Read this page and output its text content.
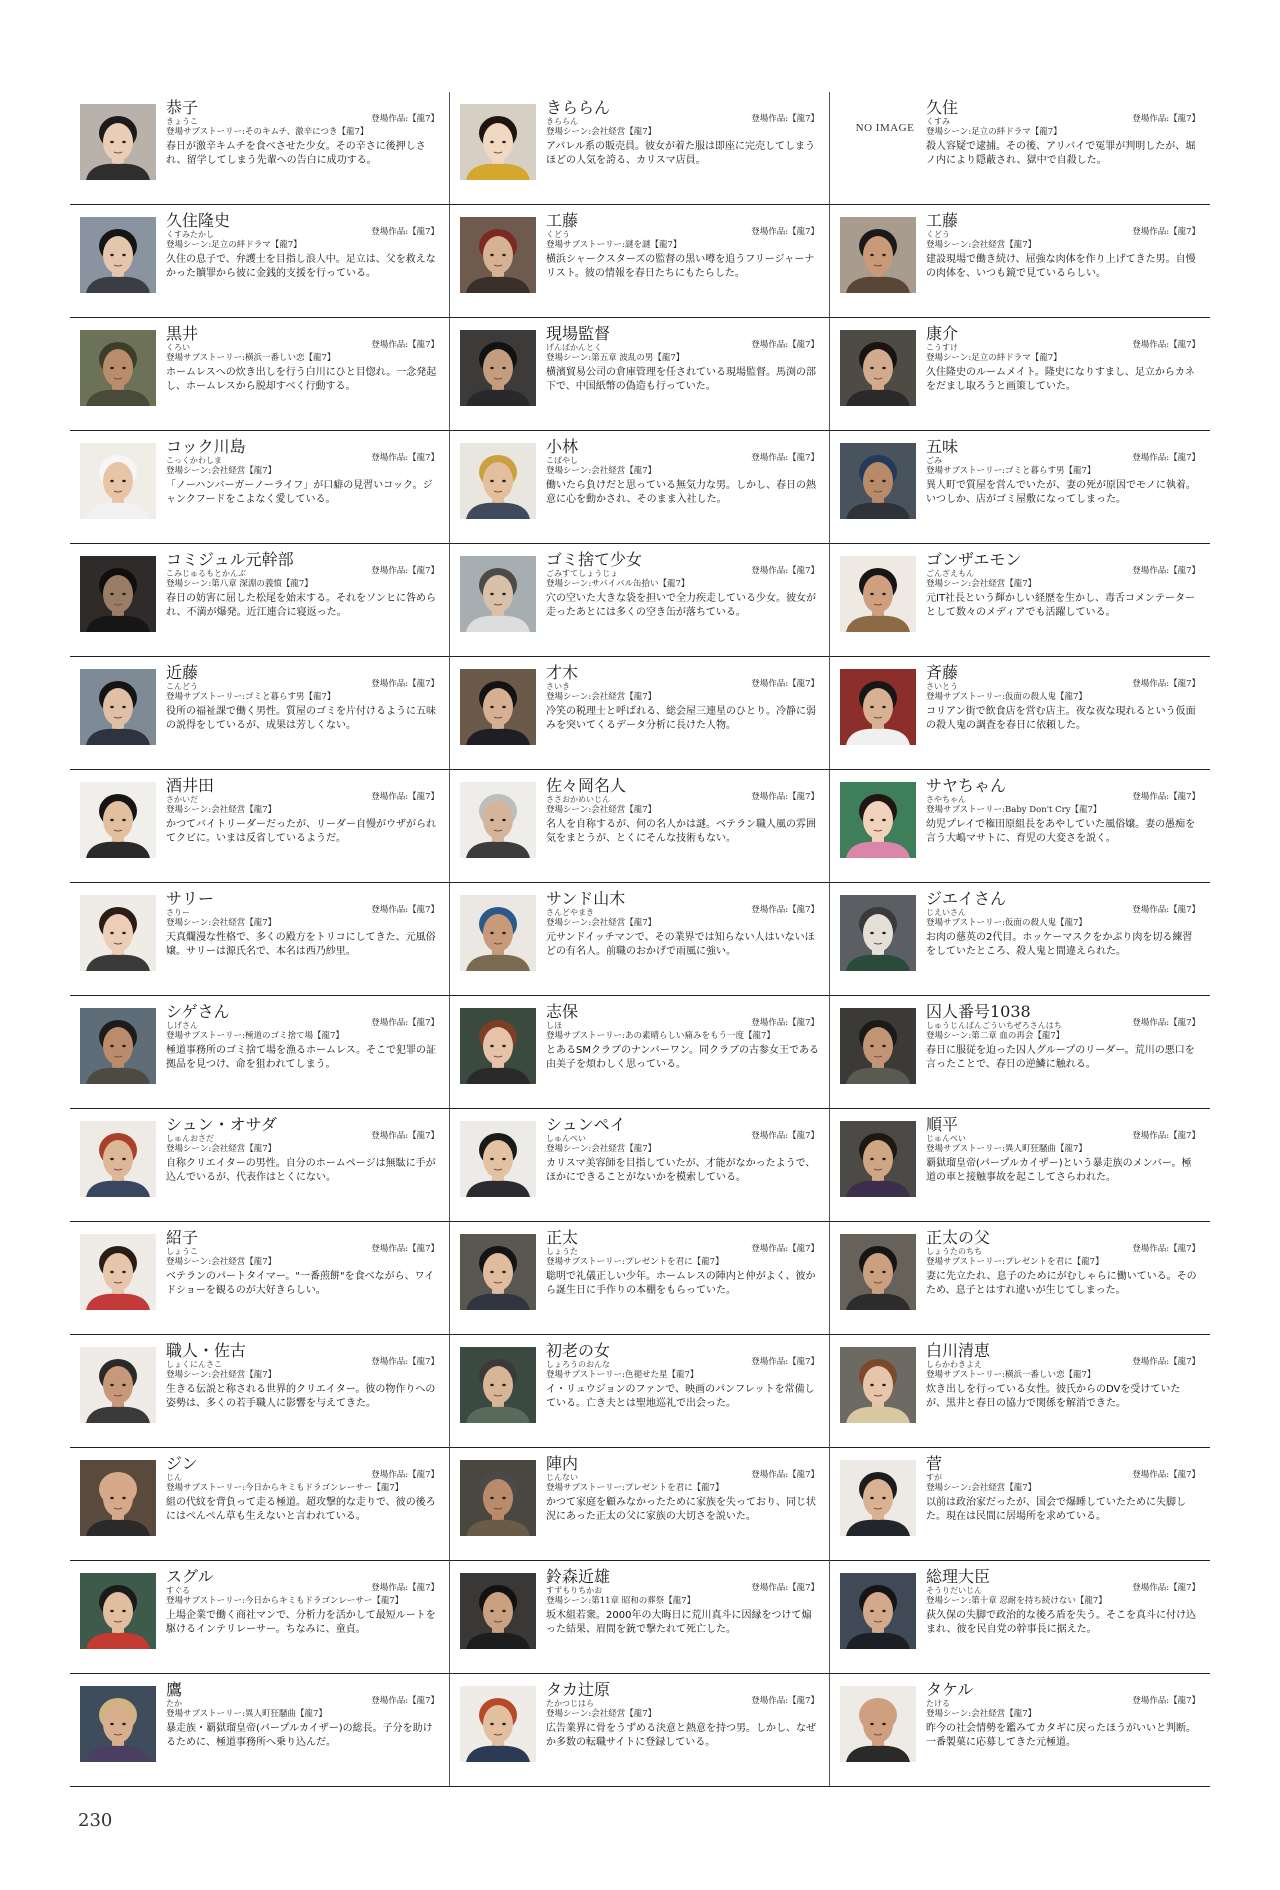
恭子
きょうこ
登場サブストーリー:そのキムチ、激辛につき【龍7】
春日が激辛キムチを食べさせた少女。その辛さに後押しされ、留学してしまう先輩への告白に成功する。
登場作品:【龍7】
きららん
きららん
登場シーン:会社経営【龍7】
アパレル系の販売員。彼女が着た服は即座に完売してしまうほどの人気を誇る、カリスマ店員。
登場作品:【龍7】
NO IMAGE
久住
くすみ
登場シーン:足立の絆ドラマ【龍7】
殺人容疑で逮捕。その後、アリバイで冤罪が判明したが、堀ノ内により隠蔽され、獄中で自殺した。
登場作品:【龍7】
久住隆史
くすみたかし
登場シーン:足立の絆ドラマ【龍7】
久住の息子で、弁護士を目指し浪人中。足立は、父を救えなかった贖罪から彼に金銭的支援を行っている。
登場作品:【龍7】
工藤
くどう
登場サブストーリー:謎を謎【龍7】
横浜シャークスターズの監督の黒い噂を追うフリージャーナリスト。彼の情報を春日たちにもたらした。
登場作品:【龍7】
工藤
くどう
登場シーン:会社経営【龍7】
建設現場で働き続け、屈強な肉体を作り上げてきた男。自慢の肉体を、いつも鏡で見ているらしい。
登場作品:【龍7】
黒井
くろい
登場サブストーリー:横浜一番しい恋【龍7】
ホームレスへの炊き出しを行う白川にひと目惚れ。一念発起し、ホームレスから脱却すべく行動する。
登場作品:【龍7】
現場監督
げんばかんとく
登場シーン:第五章 波乱の男【龍7】
横濱貿易公司の倉庫管理を任されている現場監督。馬渕の部下で、中国紙幣の偽造も行っていた。
登場作品:【龍7】
康介
こうすけ
登場シーン:足立の絆ドラマ【龍7】
久住隆史のルームメイト。隆史になりすまし、足立からカネをだまし取ろうと画策していた。
登場作品:【龍7】
コック川島
こっくかわしま
登場シーン:会社経営【龍7】
「ノーハンバーガーノーライフ」が口癖の見習いコック。ジャンクフードをこよなく愛している。
登場作品:【龍7】
小林
こばやし
登場シーン:会社経営【龍7】
働いたら負けだと思っている無気力な男。しかし、春日の熱意に心を動かされ、そのまま入社した。
登場作品:【龍7】
五味
ごみ
登場サブストーリー:ゴミと暮らす男【龍7】
異人町で質屋を営んでいたが、妻の死が原因でモノに執着。いつしか、店がゴミ屋敷になってしまった。
登場作品:【龍7】
コミジュル元幹部
こみじゅるもとかんぶ
登場シーン:第八章 深淵の義憤【龍7】
春日の妨害に屈した松尾を始末する。それをソンヒに咎められ、不満が爆発。近江連合に寝返った。
登場作品:【龍7】
ゴミ捨て少女
ごみすてしょうじょ
登場シーン:サバイバル缶拾い【龍7】
穴の空いた大きな袋を担いで全力疾走している少女。彼女が走ったあとには多くの空き缶が落ちている。
登場作品:【龍7】
ゴンザエモン
ごんざえもん
登場シーン:会社経営【龍7】
元IT社長という輝かしい経歴を生かし、毒舌コメンテーターとして数々のメディアでも活躍している。
登場作品:【龍7】
近藤
こんどう
登場サブストーリー:ゴミと暮らす男【龍7】
役所の福祉課で働く男性。質屋のゴミを片付けるように五味の説得をしているが、成果は芳しくない。
登場作品:【龍7】
才木
さいき
登場シーン:会社経営【龍7】
冷笑の税理士と呼ばれる、総会屋三連星のひとり。冷静に弱みを突いてくるデータ分析に長けた人物。
登場作品:【龍7】
斉藤
さいとう
登場サブストーリー:仮面の殺人鬼【龍7】
コリアン街で飲食店を営む店主。夜な夜な現れるという仮面の殺人鬼の調査を春日に依頼した。
登場作品:【龍7】
酒井田
さかいだ
登場シーン:会社経営【龍7】
かつてバイトリーダーだったが、リーダー自慢がウザがられてクビに。いまは反省しているようだ。
登場作品:【龍7】
佐々岡名人
ささおかめいじん
登場シーン:会社経営【龍7】
名人を自称するが、何の名人かは謎。ベテラン職人風の雰囲気をまとうが、とくにそんな技術もない。
登場作品:【龍7】
サヤちゃん
さやちゃん
登場サブストーリー:Baby Don't Cry【龍7】
幼児プレイで権田原組長をあやしていた風俗嬢。妻の愚痴を言う大嶋マサトに、育児の大変さを説く。
登場作品:【龍7】
サリー
さりー
登場シーン:会社経営【龍7】
天真爛漫な性格で、多くの殿方をトリコにしてきた、元風俗嬢。サリーは源氏名で、本名は西乃紗里。
登場作品:【龍7】
サンド山木
さんどやまき
登場シーン:会社経営【龍7】
元サンドイッチマンで、その業界では知らない人はいないほどの有名人。前職のおかげで雨風に強い。
登場作品:【龍7】
ジエイさん
じえいさん
登場サブストーリー:仮面の殺人鬼【龍7】
お肉の慈英の2代目。ホッケーマスクをかぶり肉を切る練習をしていたところ、殺人鬼と間違えられた。
登場作品:【龍7】
シゲさん
しげさん
登場サブストーリー:極道のゴミ捨て場【龍7】
極道事務所のゴミ捨て場を漁るホームレス。そこで犯罪の証拠品を見つけ、命を狙われてしまう。
登場作品:【龍7】
志保
しほ
登場サブストーリー:あの素晴らしい痛みをもう一度【龍7】
とあるSMクラブのナンバーワン。同クラブの古参女王である由美子を煩わしく思っている。
登場作品:【龍7】
囚人番号1038
しゅうじんばんごういちぜろさんはち
登場シーン:第二章 血の再会【龍7】
春日に服従を迫った囚人グループのリーダー。荒川の悪口を言ったことで、春日の逆鱗に触れる。
登場作品:【龍7】
シュン・オサダ
しゅんおさだ
登場シーン:会社経営【龍7】
自称クリエイターの男性。自分のホームページは無駄に手が込んでいるが、代表作はとくにない。
登場作品:【龍7】
シュンペイ
しゅんぺい
登場シーン:会社経営【龍7】
カリスマ美容師を目指していたが、才能がなかったようで、ほかにできることがないかを模索している。
登場作品:【龍7】
順平
じゅんぺい
登場サブストーリー:異人町狂騒曲【龍7】
覇獄瑠皇帝(パープルカイザー)という暴走族のメンバー。極道の車と接触事故を起こしてさらわれた。
登場作品:【龍7】
紹子
しょうこ
登場シーン:会社経営【龍7】
ベテランのパートタイマー。"一番煎餅"を食べながら、ワイドショーを観るのが大好きらしい。
登場作品:【龍7】
正太
しょうた
登場サブストーリー:プレゼントを君に【龍7】
聡明で礼儀正しい少年。ホームレスの陣内と仲がよく、彼から誕生日に手作りの本棚をもらっていた。
登場作品:【龍7】
正太の父
しょうたのちち
登場サブストーリー:プレゼントを君に【龍7】
妻に先立たれ、息子のためにがむしゃらに働いている。そのため、息子とはすれ違いが生じてしまった。
登場作品:【龍7】
職人・佐古
しょくにんさこ
登場シーン:会社経営【龍7】
生きる伝説と称される世界的クリエイター。彼の物作りへの姿勢は、多くの若手職人に影響を与えてきた。
登場作品:【龍7】
初老の女
しょろうのおんな
登場サブストーリー:色褪せた星【龍7】
イ・リュウジョンのファンで、映画のパンフレットを常備している。亡き夫とは聖地巡礼で出会った。
登場作品:【龍7】
白川清恵
しらかわきよえ
登場サブストーリー:横浜一番しい恋【龍7】
炊き出しを行っている女性。彼氏からのDVを受けていたが、黒井と春日の協力で関係を解消できた。
登場作品:【龍7】
ジン
じん
登場サブストーリー:今日からキミもドラゴンレーサー【龍7】
組の代紋を背負って走る極道。超攻撃的な走りで、彼の後ろにはぺんぺん草も生えないと言われている。
登場作品:【龍7】
陣内
じんない
登場サブストーリー:プレゼントを君に【龍7】
かつて家庭を顧みなかったために家族を失っており、同じ状況にあった正太の父に家族の大切さを説いた。
登場作品:【龍7】
菅
すが
登場シーン:会社経営【龍7】
以前は政治家だったが、国会で爆睡していたために失脚した。現在は民間に居場所を求めている。
登場作品:【龍7】
スグル
すぐる
登場サブストーリー:今日からキミもドラゴンレーサー【龍7】
上場企業で働く商社マンで、分析力を活かして最短ルートを駆けるインテリレーサー。ちなみに、童貞。
登場作品:【龍7】
鈴森近雄
すずもりちかお
登場シーン:第11章 昭和の葬祭【龍7】
坂木組若衆。2000年の大晦日に荒川真斗に因縁をつけて煽った結果、眉間を銃で撃たれて死亡した。
登場作品:【龍7】
総理大臣
そうりだいじん
登場シーン:第十章 忍耐を持ち続けない【龍7】
荻久保の失脚で政治的な後ろ盾を失う。そこを真斗に付け込まれ、彼を民自党の幹事長に据えた。
登場作品:【龍7】
鷹
たか
登場サブストーリー:異人町狂騒曲【龍7】
暴走族・覇獄瑠皇帝(パープルカイザー)の総長。子分を助けるために、極道事務所へ乗り込んだ。
登場作品:【龍7】
タカ辻原
たかつじはら
登場シーン:会社経営【龍7】
広告業界に骨をうずめる決意と熱意を持つ男。しかし、なぜか多数の転職サイトに登録している。
登場作品:【龍7】
タケル
たける
登場シーン:会社経営【龍7】
昨今の社会情勢を鑑みてカタギに戻ったほうがいいと判断。一番製菓に応募してきた元極道。
登場作品:【龍7】
230
